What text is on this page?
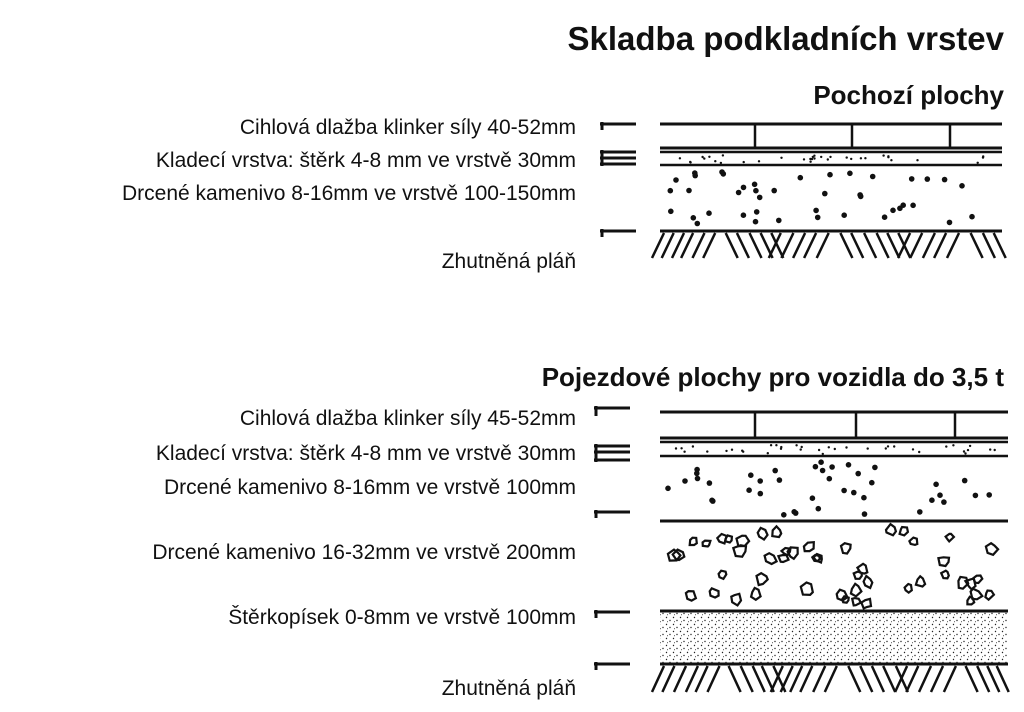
Skladba podkladních vrstev
Pochozí plochy
Pojezdové plochy pro vozidla do 3,5 t
Cihlová dlažba klinker síly 40-52mm
Kladecí vrstva: štěrk 4-8 mm ve vrstvě 30mm
Drcené kamenivo 8-16mm ve vrstvě 100-150mm
Zhutněná pláň
Cihlová dlažba klinker síly 45-52mm
Kladecí vrstva: štěrk 4-8 mm ve vrstvě 30mm
Drcené kamenivo 8-16mm ve vrstvě 100mm
Drcené kamenivo 16-32mm ve vrstvě 200mm
Štěrkopísek 0-8mm ve vrstvě 100mm
Zhutněná pláň
